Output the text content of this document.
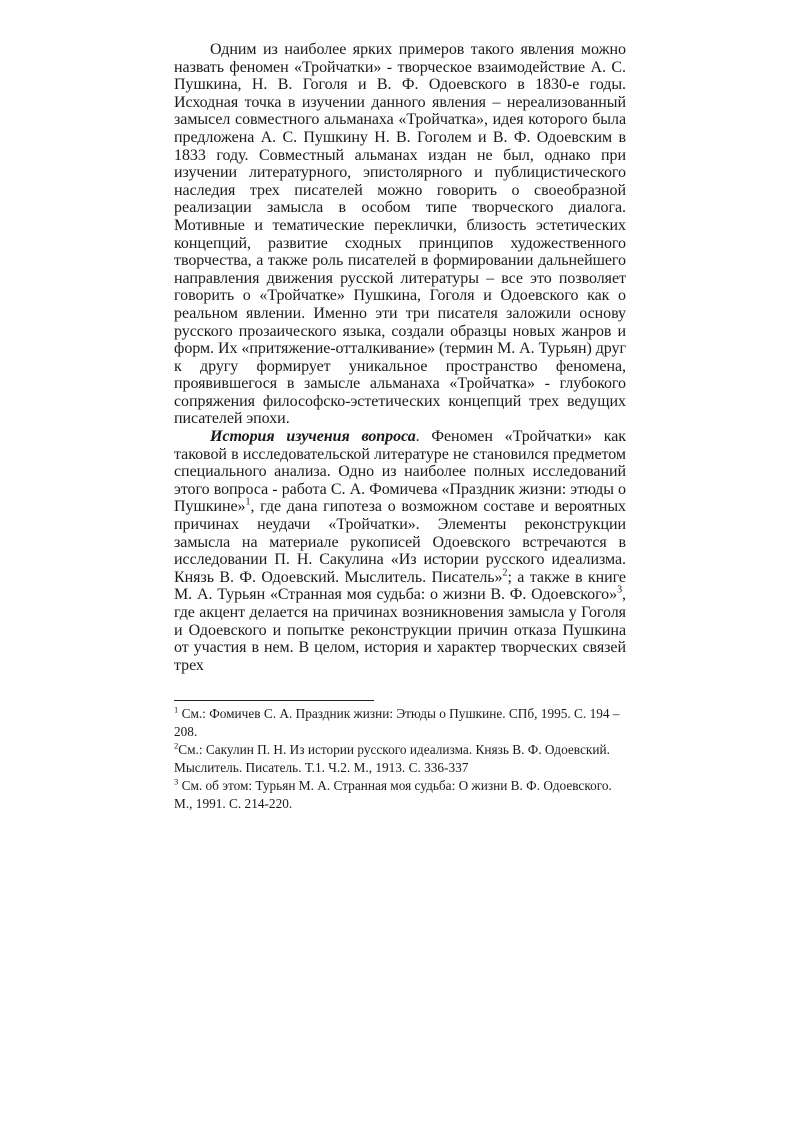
Одним из наиболее ярких примеров такого явления можно назвать феномен «Тройчатки» - творческое взаимодействие А. С. Пушкина, Н. В. Гоголя и В. Ф. Одоевского в 1830-е годы. Исходная точка в изучении данного явления – нереализованный замысел совместного альманаха «Тройчатка», идея которого была предложена А. С. Пушкину Н. В. Гоголем и В. Ф. Одоевским в 1833 году. Совместный альманах издан не был, однако при изучении литературного, эпистолярного и публицистического наследия трех писателей можно говорить о своеобразной реализации замысла в особом типе творческого диалога. Мотивные и тематические переклички, близость эстетических концепций, развитие сходных принципов художественного творчества, а также роль писателей в формировании дальнейшего направления движения русской литературы – все это позволяет говорить о «Тройчатке» Пушкина, Гоголя и Одоевского как о реальном явлении. Именно эти три писателя заложили основу русского прозаического языка, создали образцы новых жанров и форм. Их «притяжение-отталкивание» (термин М. А. Турьян) друг к другу формирует уникальное пространство феномена, проявившегося в замысле альманаха «Тройчатка» - глубокого сопряжения философско-эстетических концепций трех ведущих писателей эпохи.

История изучения вопроса. Феномен «Тройчатки» как таковой в исследовательской литературе не становился предметом специального анализа. Одно из наиболее полных исследований этого вопроса - работа С. А. Фомичева «Праздник жизни: этюды о Пушкине»$^1$, где дана гипотеза о возможном составе и вероятных причинах неудачи «Тройчатки». Элементы реконструкции замысла на материале рукописей Одоевского встречаются в исследовании П. Н. Сакулина «Из истории русского идеализма. Князь В. Ф. Одоевский. Мыслитель. Писатель»$^2$; а также в книге М. А. Турьян «Странная моя судьба: о жизни В. Ф. Одоевского»$^3$, где акцент делается на причинах возникновения замысла у Гоголя и Одоевского и попытке реконструкции причин отказа Пушкина от участия в нем. В целом, история и характер творческих связей трех

$^1$ См.: Фомичев С. А. Праздник жизни: Этюды о Пушкине. СПб, 1995. С. 194 – 208.

$^2$См.: Сакулин П. Н. Из истории русского идеализма. Князь В. Ф. Одоевский. Мыслитель. Писатель. Т.1. Ч.2. М., 1913. С. 336-337

$^3$ См. об этом: Турьян М. А. Странная моя судьба: О жизни В. Ф. Одоевского. М., 1991. С. 214-220.
